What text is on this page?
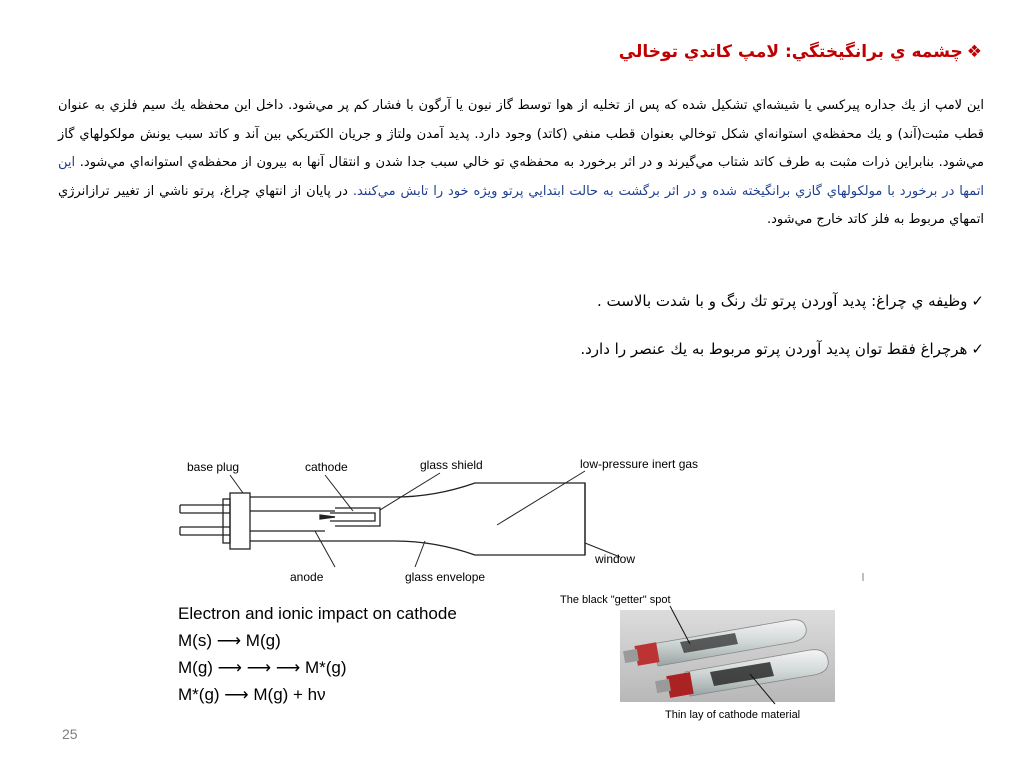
❖چشمه ي برانگيختگي: لامپ كاتدي توخالي
اين لامپ از يك جداره پيركسي يا شيشه‌اي تشكيل شده كه پس از تخليه از هوا توسط گاز نيون يا آرگون با فشار كم پر مي‌شود. داخل اين محفظه يك سيم فلزي به عنوان قطب مثبت(آند) و يك محفظه‌ي استوانه‌اي شكل توخالي بعنوان قطب منفي (كاتد) وجود دارد. پديد آمدن ولتاژ و جريان الكتريكي بين آند و كاتد سبب يونش مولكولهاي گاز مي‌شود. بنابراين ذرات مثبت به طرف كاتد شتاب مي‌گيرند و در اثر برخورد به محفظه‌ي تو خالي سبب جدا شدن و انتقال آنها به بيرون از محفظه‌ي استوانه‌اي مي‌شود. اين اتمها در برخورد با مولكولهاي گازي برانگيخته شده و در اثر برگشت به حالت ابتدايي پرتو ويژه خود را تابش مي‌كنند. در پايان از انتهاي چراغ، پرتو ناشي از تغيير ترازانرژي اتمهاي مربوط به فلز كاتد خارج مي‌شود.
✓وظيفه ي چراغ: پديد آوردن پرتو تك رنگ و با شدت بالاست .
✓هرچراغ فقط توان پديد آوردن پرتو مربوط به يك عنصر را دارد.
base plug	cathode	glass shield	low-pressure inert gas
window
anode	glass envelope
Electron and ionic impact on cathode
M(s) ⟶ M(g)
M(g) ⟶ ⟶ ⟶ M*(g)
M*(g) ⟶ M(g) + hν
The black "getter" spot
Thin lay of cathode material
25
